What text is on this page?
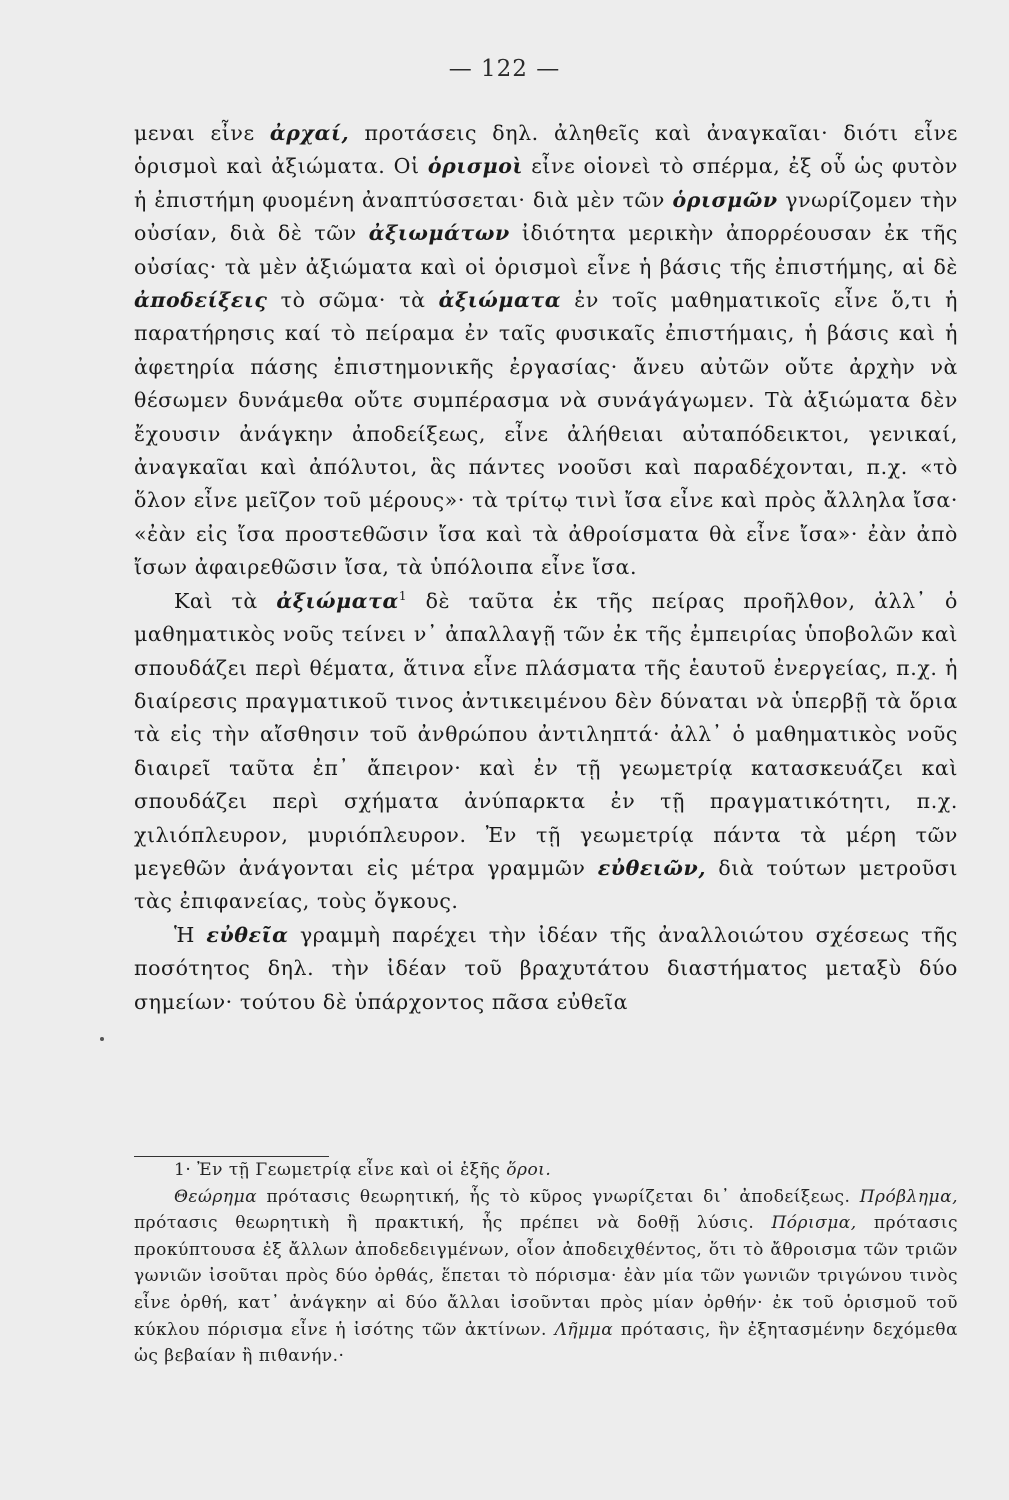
— 122 —

μεναι εἶνε ἀρχαί, προτάσεις δηλ. ἀληθεῖς καὶ ἀναγκαῖαι· διότι εἶνε ὁρισμοὶ καὶ ἀξιώματα. Οἱ ὁρισμοὶ εἶνε οἱονεὶ τὸ σπέρμα, ἐξ οὗ ὡς φυτὸν ἡ ἐπιστήμη φυομένη ἀναπτύσσεται· διὰ μὲν τῶν ὁρισμῶν γνωρίζομεν τὴν οὐσίαν, διὰ δὲ τῶν ἀξιωμάτων ἰδιότητα μερικὴν ἀπορρέουσαν ἐκ τῆς οὐσίας· τὰ μὲν ἀξιώματα καὶ οἱ ὁρισμοὶ εἶνε ἡ βάσις τῆς ἐπιστήμης, αἱ δὲ ἀποδείξεις τὸ σῶμα· τὰ ἀξιώματα ἐν τοῖς μαθηματικοῖς εἶνε ὅ,τι ἡ παρατήρησις καί τὸ πείραμα ἐν ταῖς φυσικαῖς ἐπιστήμαις, ἡ βάσις καὶ ἡ ἀφετηρία πάσης ἐπιστημονικῆς ἐργασίας· ἄνευ αὐτῶν οὔτε ἀρχὴν νὰ θέσωμεν δυνάμεθα οὔτε συμπέρασμα νὰ συνάγάγωμεν. Τὰ ἀξιώματα δὲν ἔχουσιν ἀνάγκην ἀποδείξεως, εἶνε ἀλήθειαι αὐταπόδεικτοι, γενικαί, ἀναγκαῖαι καὶ ἀπόλυτοι, ἃς πάντες νοοῦσι καὶ παραδέχονται, π.χ. «τὸ ὅλον εἶνε μεῖζον τοῦ μέρους»· τὰ τρίτῳ τινὶ ἴσα εἶνε καὶ πρὸς ἄλληλα ἴσα· «ἐὰν εἰς ἴσα προστεθῶσιν ἴσα καὶ τὰ ἀθροίσματα θὰ εἶνε ἴσα»· ἐὰν ἀπὸ ἴσων ἀφαιρεθῶσιν ἴσα, τὰ ὑπόλοιπα εἶνε ἴσα.

Καὶ τὰ ἀξιώματα$^1$ δὲ ταῦτα ἐκ τῆς πείρας προῆλθον, ἀλλ᾽ ὁ μαθηματικὸς νοῦς τείνει ν᾽ ἀπαλλαγῇ τῶν ἐκ τῆς ἐμπειρίας ὑποβολῶν καὶ σπουδάζει περὶ θέματα, ἅτινα εἶνε πλάσματα τῆς ἑαυτοῦ ἐνεργείας, π.χ. ἡ διαίρεσις πραγματικοῦ τινος ἀντικειμένου δὲν δύναται νὰ ὑπερβῇ τὰ ὅρια τὰ εἰς τὴν αἴσθησιν τοῦ ἀνθρώπου ἀντιληπτά· ἀλλ᾽ ὁ μαθηματικὸς νοῦς διαιρεῖ ταῦτα ἐπ᾽ ἄπειρον· καὶ ἐν τῇ γεωμετρίᾳ κατασκευάζει καὶ σπουδάζει περὶ σχήματα ἀνύπαρκτα ἐν τῇ πραγματικότητι, π.χ. χιλιόπλευρον, μυριόπλευρον. Ἐν τῇ γεωμετρίᾳ πάντα τὰ μέρη τῶν μεγεθῶν ἀνάγονται εἰς μέτρα γραμμῶν εὐθειῶν, διὰ τούτων μετροῦσι τὰς ἐπιφανείας, τοὺς ὄγκους.

Ἡ εὐθεῖα γραμμὴ παρέχει τὴν ἰδέαν τῆς ἀναλλοιώτου σχέσεως τῆς ποσότητος δηλ. τὴν ἰδέαν τοῦ βραχυτάτου διαστήματος μεταξὺ δύο σημείων· τούτου δὲ ὑπάρχοντος πᾶσα εὐθεῖα

1· Ἐν τῇ Γεωμετρίᾳ εἶνε καὶ οἱ ἑξῆς ὅροι.

Θεώρημα πρότασις θεωρητική, ἧς τὸ κῦρος γνωρίζεται δι᾽ ἀποδείξεως. Πρόβλημα, πρότασις θεωρητικὴ ἢ πρακτική, ἧς πρέπει νὰ δοθῇ λύσις. Πόρισμα, πρότασις προκύπτουσα ἐξ ἄλλων ἀποδεδειγμένων, οἷον ἀποδειχθέντος, ὅτι τὸ ἄθροισμα τῶν τριῶν γωνιῶν ἰσοῦται πρὸς δύο ὀρθάς, ἕπεται τὸ πόρισμα· ἐὰν μία τῶν γωνιῶν τριγώνου τινὸς εἶνε ὀρθή, κατ᾽ ἀνάγκην αἱ δύο ἄλλαι ἰσοῦνται πρὸς μίαν ὀρθήν· ἐκ τοῦ ὁρισμοῦ τοῦ κύκλου πόρισμα εἶνε ἡ ἰσότης τῶν ἀκτίνων. Λῆμμα πρότασις, ἣν ἐξητασμένην δεχόμεθα ὡς βεβαίαν ἢ πιθανήν.·
